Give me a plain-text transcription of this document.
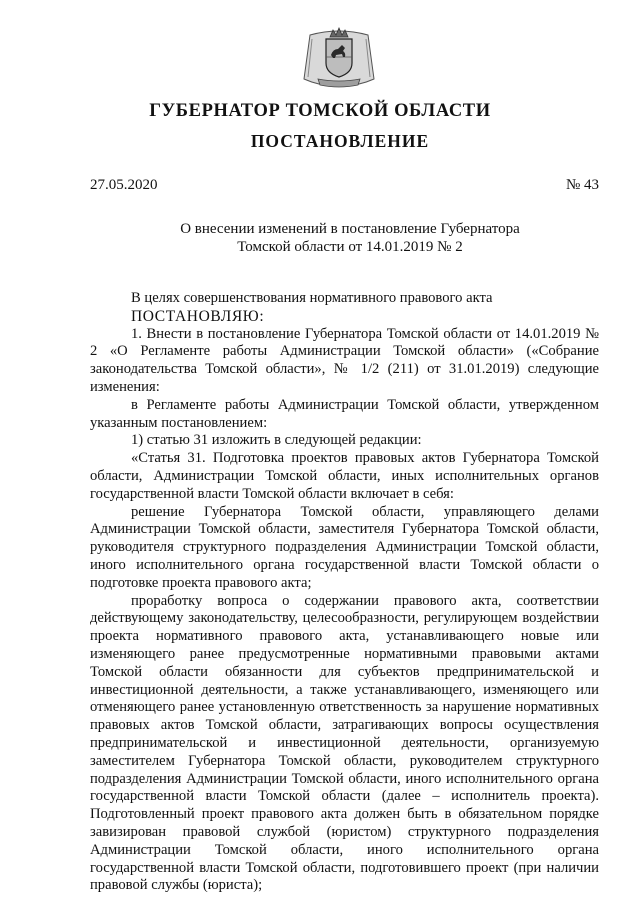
ГУБЕРНАТОР ТОМСКОЙ ОБЛАСТИ
ПОСТАНОВЛЕНИЕ
27.05.2020	№ 43
О внесении изменений в постановление Губернатора
Томской области от 14.01.2019 № 2

В целях совершенствования нормативного правового акта

ПОСТАНОВЛЯЮ:

1. Внести в постановление Губернатора Томской области от 14.01.2019 № 2 «О Регламенте работы Администрации Томской области» («Собрание законодательства Томской области», № 1/2 (211) от 31.01.2019) следующие изменения:

в Регламенте работы Администрации Томской области, утвержденном указанным постановлением:

1) статью 31 изложить в следующей редакции:

«Статья 31. Подготовка проектов правовых актов Губернатора Томской области, Администрации Томской области, иных исполнительных органов государственной власти Томской области включает в себя:

решение Губернатора Томской области, управляющего делами Администрации Томской области, заместителя Губернатора Томской области, руководителя структурного подразделения Администрации Томской области, иного исполнительного органа государственной власти Томской области о подготовке проекта правового акта;

проработку вопроса о содержании правового акта, соответствии действующему законодательству, целесообразности, регулирующем воздействии проекта нормативного правового акта, устанавливающего новые или изменяющего ранее предусмотренные нормативными правовыми актами Томской области обязанности для субъектов предпринимательской и инвестиционной деятельности, а также устанавливающего, изменяющего или отменяющего ранее установленную ответственность за нарушение нормативных правовых актов Томской области, затрагивающих вопросы осуществления предпринимательской и инвестиционной деятельности, организуемую заместителем Губернатора Томской области, руководителем структурного подразделения Администрации Томской области, иного исполнительного органа государственной власти Томской области (далее – исполнитель проекта). Подготовленный проект правового акта должен быть в обязательном порядке завизирован правовой службой (юристом) структурного подразделения Администрации Томской области, иного исполнительного органа государственной власти Томской области, подготовившего проект (при наличии правовой службы (юриста);
